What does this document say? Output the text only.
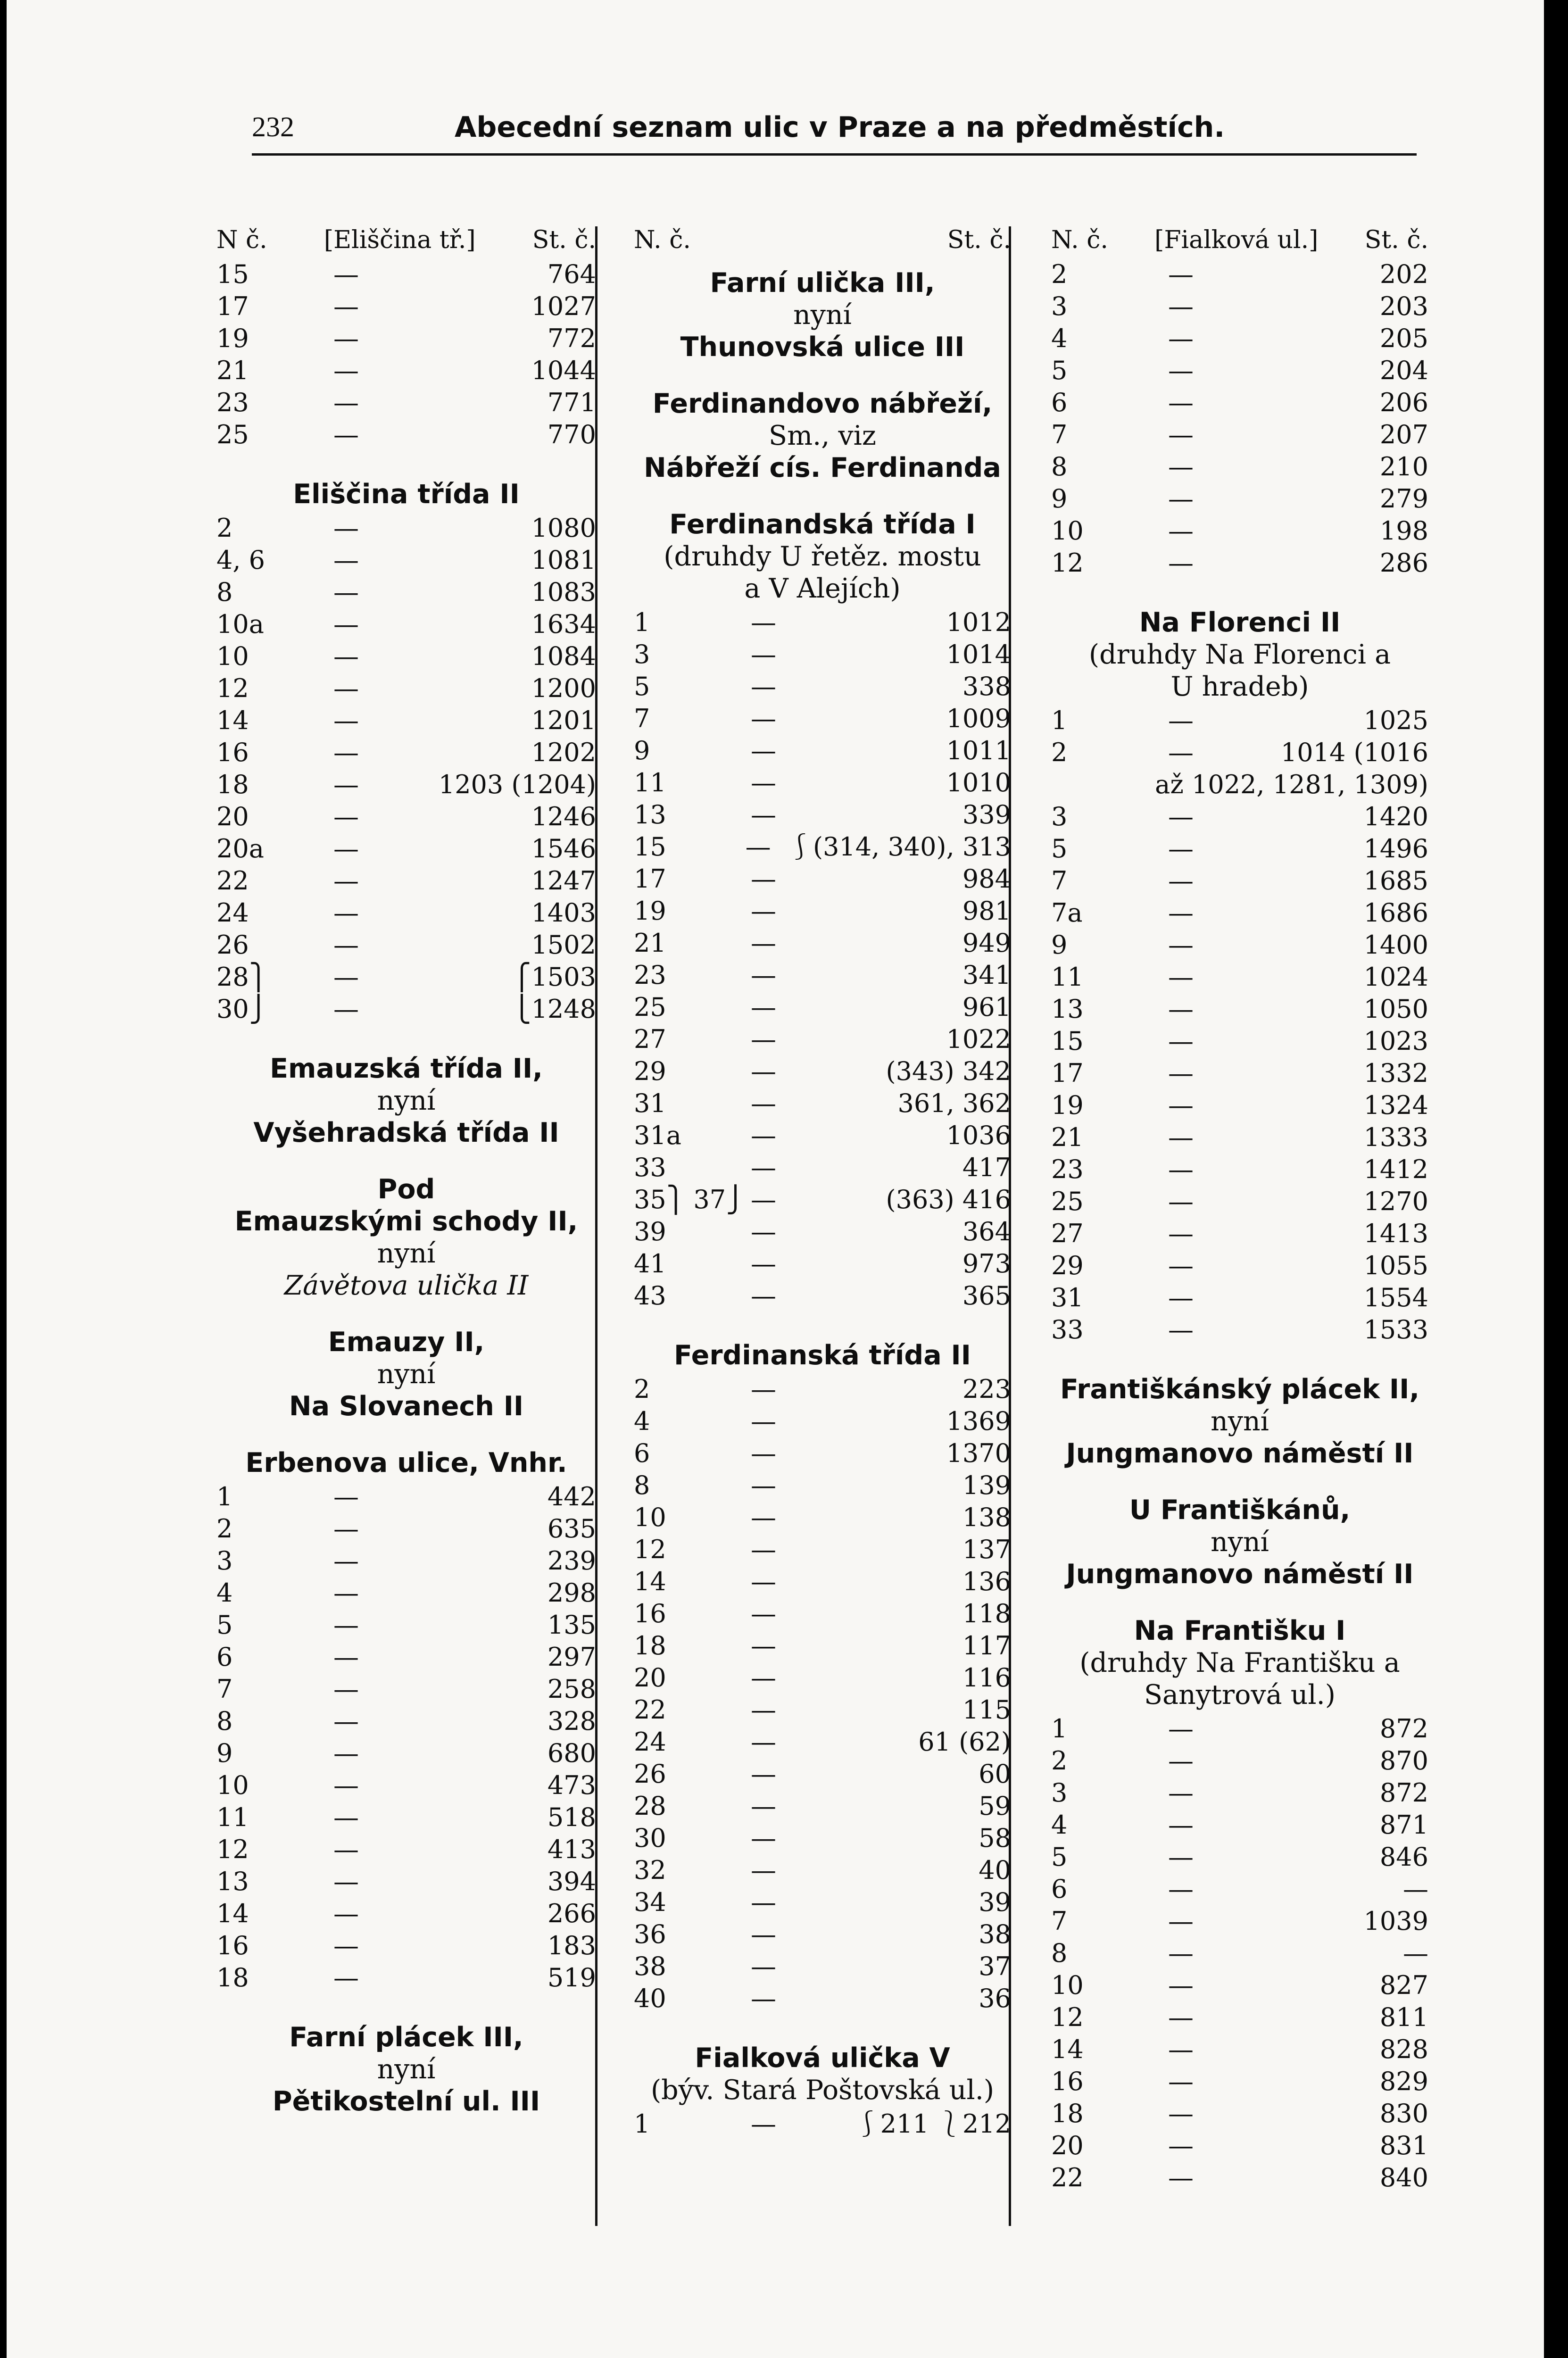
232	Abecední seznam ulic v Praze a na předměstích.
N č. [Eliščina tř.] St. č.
15	—	764
17	—	1027
19	—	772
21	—	1044
23	—	771
25	—	770
Eliščina třída II
2	—	1080
4, 6	—	1081
8	—	1083
10a	—	1634
10	—	1084
12	—	1200
14	—	1201
16	—	1202
18	—	1203 (1204)
20	—	1246
20a	—	1546
22	—	1247
24	—	1403
26	—	1502
28⎫	—	⎧1503
30⎭	—	⎩1248
Emauzská třída II,
nyní
Vyšehradská třída II
Pod
Emauzskými schody II,
nyní
Závětova ulička II
Emauzy II,
nyní
Na Slovanech II
Erbenova ulice, Vnhr.
1	—	442
2	—	635
3	—	239
4	—	298
5	—	135
6	—	297
7	—	258
8	—	328
9	—	680
10	—	473
11	—	518
12	—	413
13	—	394
14	—	266
16	—	183
18	—	519
Farní plácek III,
nyní
Pětikostelní ul. III
N. č.	St. č.
Farní ulička III,
nyní
Thunovská ulice III
Ferdinandovo nábřeží,
Sm., viz
Nábřeží cís. Ferdinanda
Ferdinandská třída I
(druhdy U řetěz. mostu
a V Alejích)
1	—	1012
3	—	1014
5	—	338
7	—	1009
9	—	1011
11	—	1010
13	—	339
15	— ⎰(314, 340), 313
17	—	984
19	—	981
21	—	949
23	—	341
25	—	961
27	—	1022
29	—	(343) 342
31	—	361, 362
31a	—	1036
33	—	417
35⎫ 37⎭ —	(363) 416
39	—	364
41	—	973
43	—	365
Ferdinanská třída II
2	—	223
4	—	1369
6	—	1370
8	—	139
10	—	138
12	—	137
14	—	136
16	—	118
18	—	117
20	—	116
22	—	115
24	—	61 (62)
26	—	60
28	—	59
30	—	58
32	—	40
34	—	39
36	—	38
38	—	37
40	—	36
Fialková ulička V
(býv. Stará Poštovská ul.)
1	—	⎰211 ⎱212
N. č. [Fialková ul.] St. č.
2	—	202
3	—	203
4	—	205
5	—	204
6	—	206
7	—	207
8	—	210
9	—	279
10	—	198
12	—	286
Na Florenci II
(druhdy Na Florenci a
U hradeb)
1	—	1025
2	—	1014 (1016
až 1022, 1281, 1309)
3	—	1420
5	—	1496
7	—	1685
7a	—	1686
9	—	1400
11	—	1024
13	—	1050
15	—	1023
17	—	1332
19	—	1324
21	—	1333
23	—	1412
25	—	1270
27	—	1413
29	—	1055
31	—	1554
33	—	1533
Františkánský plácek II,
nyní
Jungmanovo náměstí II
U Františkánů,
nyní
Jungmanovo náměstí II
Na Františku I
(druhdy Na Františku a
Sanytrová ul.)
1	—	872
2	—	870
3	—	872
4	—	871
5	—	846
6	—	—
7	—	1039
8	—	—
10	—	827
12	—	811
14	—	828
16	—	829
18	—	830
20	—	831
22	—	840
